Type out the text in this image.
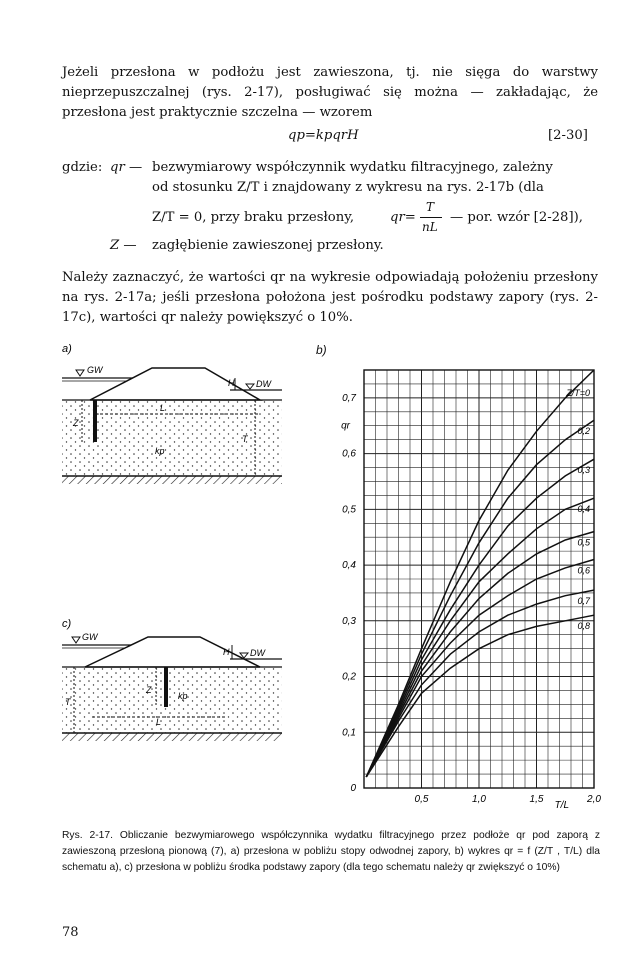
Jeżeli przesłona w podłożu jest zawieszona, tj. nie sięga do warstwy nieprzepuszczalnej (rys. 2-17), posługiwać się można — zakładając, że przesłona jest praktycznie szczelna — wzorem
qp=kpqrH	[2-30]
gdzie: qr — bezwymiarowy współczynnik wydatku filtracyjnego, zależny
od stosunku Z/T i znajdowany z wykresu na rys. 2-17b (dla
Z/T = 0, przy braku przesłony,	qr=
T
nL
— por. wzór [2-28]),
Z — zagłębienie zawieszonej przesłony.
Należy zaznaczyć, że wartości qr na wykresie odpowiadają położeniu przesłony na rys. 2-17a; jeśli przesłona położona jest pośrodku podstawy zapory (rys. 2-17c), wartości qr należy powiększyć o 10%.
a)
GW
DW
H
Z
L
T
kp
c)
GW
DW
H
Z
L
T
kp
b)
0
0,1
0,2
0,3
0,4
0,5
0,6
0,7
0,5	1,0	1,5	2,0
qr
T/L
Z/T=0
0,2
0,3
0,4
0,5
0,6
0,7
0,8
Rys. 2-17. Obliczanie bezwymiarowego współczynnika wydatku filtracyjnego przez podłoże qr pod zaporą z zawieszoną przesłoną pionową (7), a) przesłona w pobliżu stopy odwodnej zapory, b) wykres qr = f (Z/T , T/L) dla schematu a), c) przesłona w pobliżu środka podstawy zapory (dla tego schematu należy qr zwiększyć o 10%)
78
